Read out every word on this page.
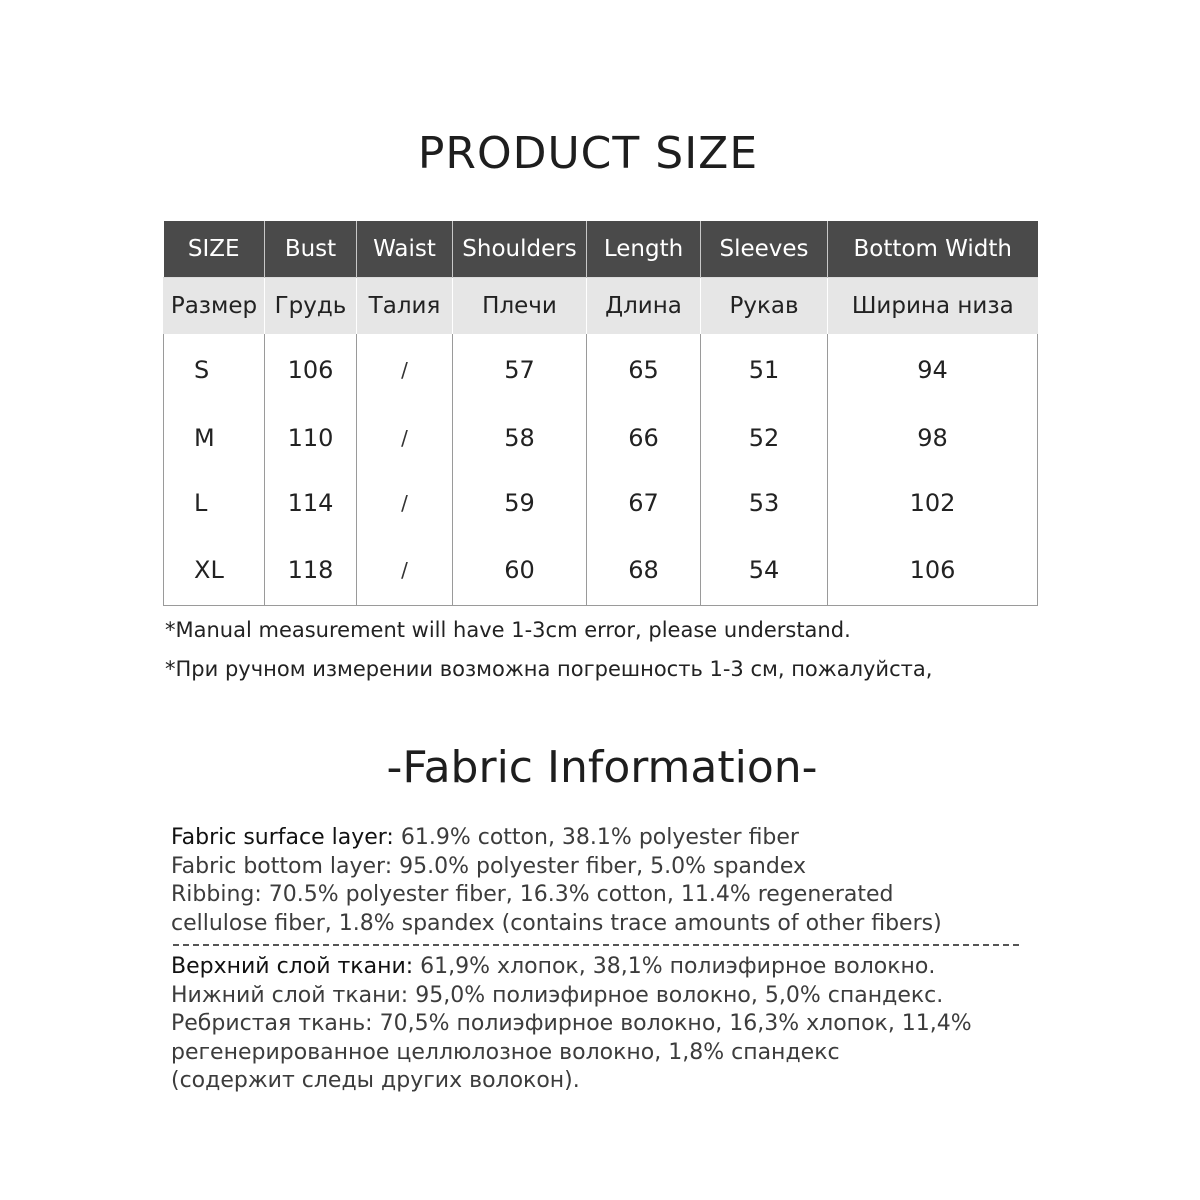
PRODUCT SIZE
SIZE	Bust	Waist	Shoulders	Length	Sleeves	Bottom Width
Размер	Грудь	Талия	Плечи	Длина	Рукав	Ширина низа
S	106	/	57	65	51	94
M	110	/	58	66	52	98
L	114	/	59	67	53	102
XL	118	/	60	68	54	106
*Manual measurement will have 1-3cm error, please understand.
*При ручном измерении возможна погрешность 1-3 см, пожалуйста,
-Fabric Information-
Fabric surface layer: 61.9% cotton, 38.1% polyester fiber
Fabric bottom layer: 95.0% polyester fiber, 5.0% spandex
Ribbing: 70.5% polyester fiber, 16.3% cotton, 11.4% regenerated
cellulose fiber, 1.8% spandex (contains trace amounts of other fibers)
Верхний слой ткани: 61,9% хлопок, 38,1% полиэфирное волокно.
Нижний слой ткани: 95,0% полиэфирное волокно, 5,0% спандекс.
Ребристая ткань: 70,5% полиэфирное волокно, 16,3% хлопок, 11,4%
регенерированное целлюлозное волокно, 1,8% спандекс
(содержит следы других волокон).
